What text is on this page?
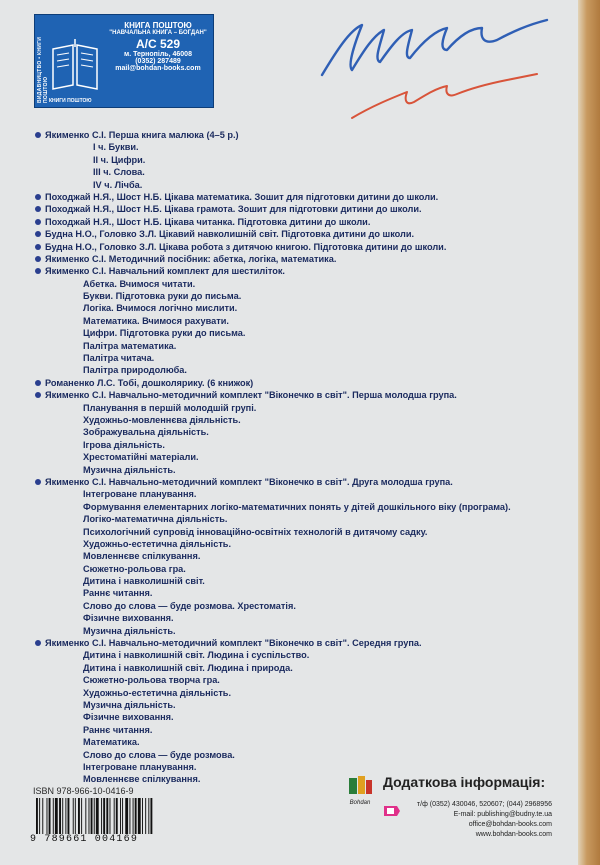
ВИДАВНИЦТВО • КНИГИ ПОШТОЮ
КНИГА ПОШТОЮ
"НАВЧАЛЬНА КНИГА – БОГДАН"
А/С 529
м. Тернопіль, 46008
(0352) 287489
mail@bohdan-books.com
КНИГИ ПОШТОЮ
Якименко С.І. Перша книга малюка (4–5 р.)
І ч. Букви.
ІІ ч. Цифри.
ІІІ ч. Слова.
IV ч. Лічба.
Походжай Н.Я., Шост Н.Б. Цікава математика. Зошит для підготовки дитини до школи.
Походжай Н.Я., Шост Н.Б. Цікава грамота. Зошит для підготовки дитини до школи.
Походжай Н.Я., Шост Н.Б. Цікава читанка. Підготовка дитини до школи.
Будна Н.О., Головко З.Л. Цікавий навколишній світ. Підготовка дитини до школи.
Будна Н.О., Головко З.Л. Цікава робота з дитячою книгою. Підготовка дитини до школи.
Якименко С.І. Методичний посібник: абетка, логіка, математика.
Якименко С.І. Навчальний комплект для шестиліток.
Абетка. Вчимося читати.
Букви. Підготовка руки до письма.
Логіка. Вчимося логічно мислити.
Математика. Вчимося рахувати.
Цифри. Підготовка руки до письма.
Палітра математика.
Палітра читача.
Палітра природолюба.
Романенко Л.С. Тобі, дошколярику. (6 книжок)
Якименко С.І. Навчально-методичний комплект "Віконечко в світ". Перша молодша група.
Планування в першій молодшій групі.
Художньо-мовленнєва діяльність.
Зображувальна діяльність.
Ігрова діяльність.
Хрестоматійні матеріали.
Музична діяльність.
Якименко С.І. Навчально-методичний комплект "Віконечко в світ". Друга молодша група.
Інтегроване планування.
Формування елементарних логіко-математичних понять у дітей дошкільного віку (програма).
Логіко-математична діяльність.
Психологічний супровід інноваційно-освітніх технологій в дитячому садку.
Художньо-естетична діяльність.
Мовленнєве спілкування.
Сюжетно-рольова гра.
Дитина і навколишній світ.
Раннє читання.
Слово до слова — буде розмова. Хрестоматія.
Фізичне виховання.
Музична діяльність.
Якименко С.І. Навчально-методичний комплект "Віконечко в світ". Середня група.
Дитина і навколишній світ. Людина і суспільство.
Дитина і навколишній світ. Людина і природа.
Сюжетно-рольова творча гра.
Художньо-естетична діяльність.
Музична діяльність.
Фізичне виховання.
Раннє читання.
Математика.
Слово до слова — буде розмова.
Інтегроване планування.
Мовленнєве спілкування.
ISBN 978-966-10-0416-9
9 789661 004169
Bohdan
Додаткова інформація:
т/ф (0352) 430046, 520607; (044) 2968956
E-mail: publishing@budny.te.ua
office@bohdan-books.com
www.bohdan-books.com
